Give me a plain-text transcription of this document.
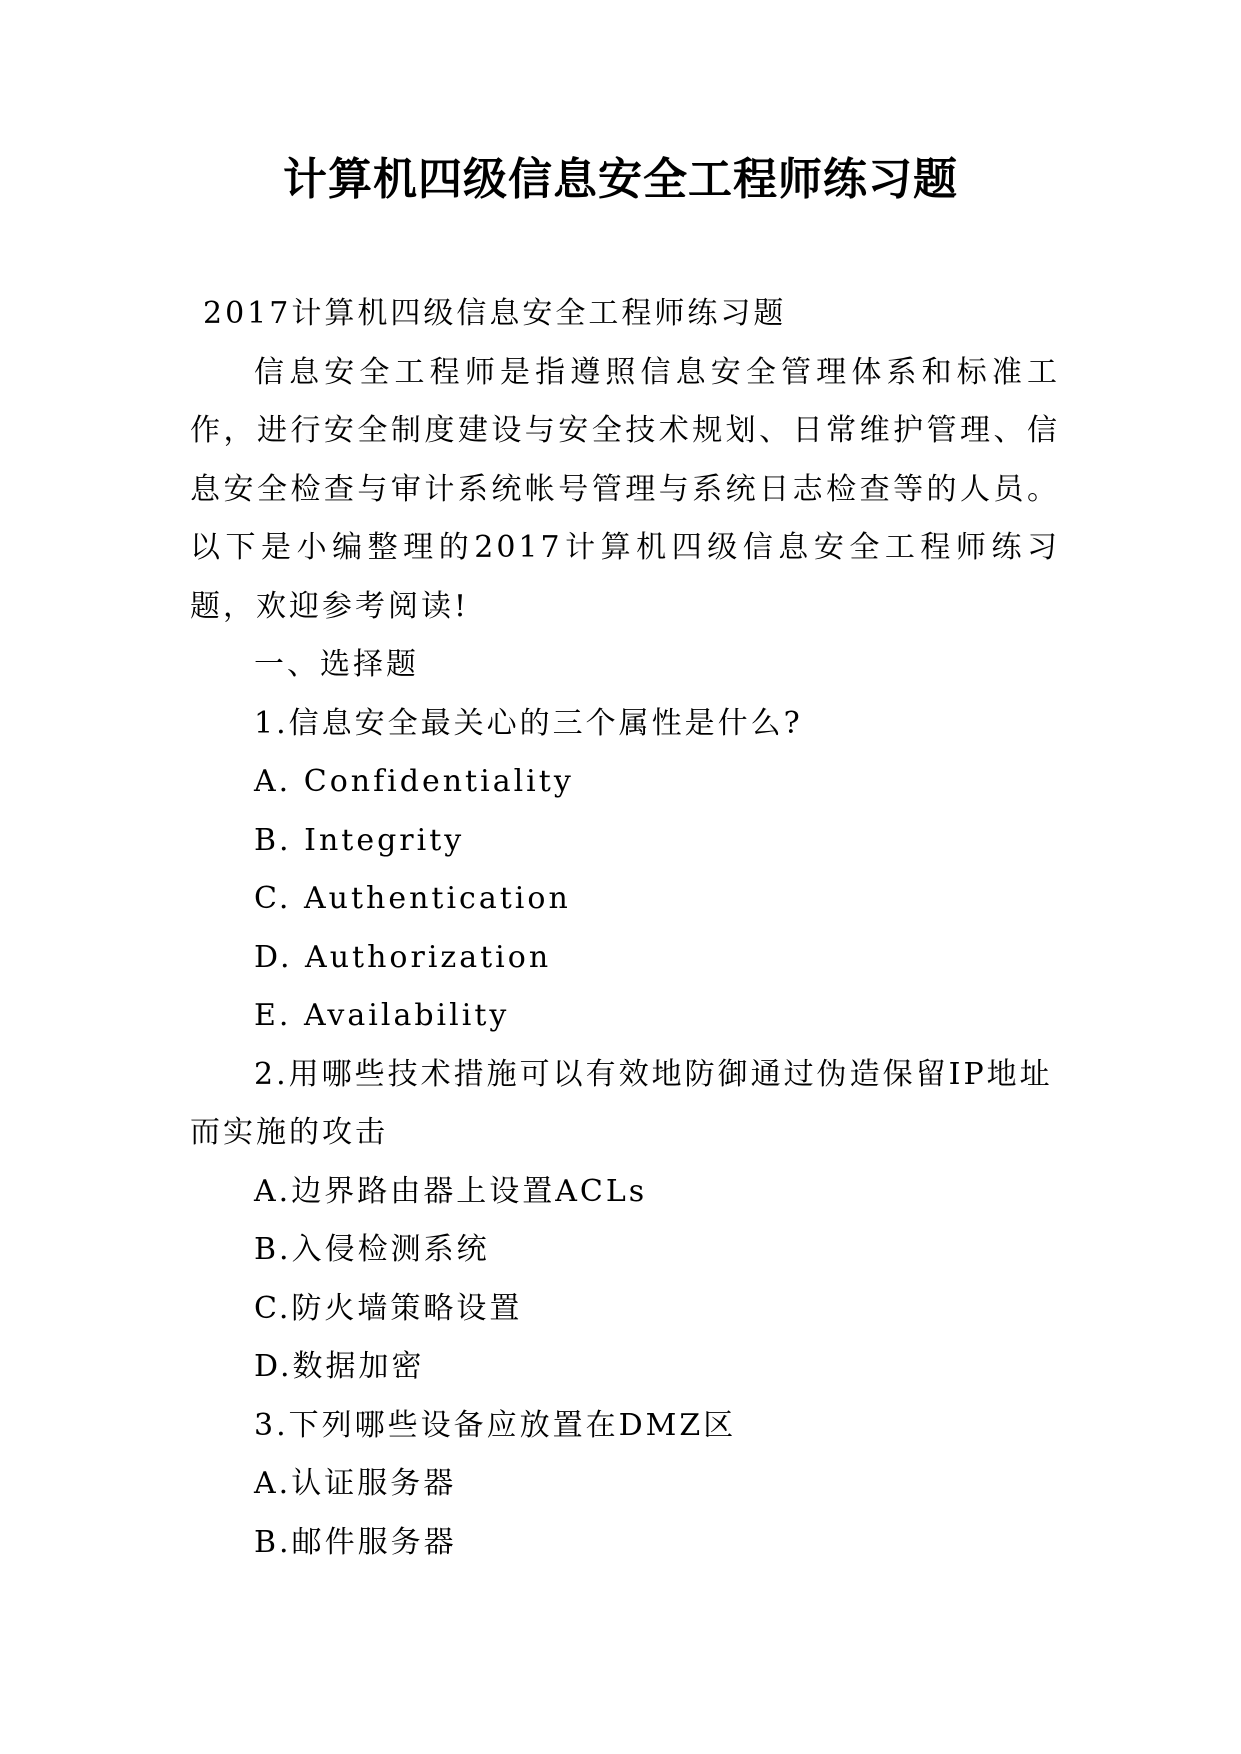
计算机四级信息安全工程师练习题

2017计算机四级信息安全工程师练习题

信息安全工程师是指遵照信息安全管理体系和标准工作，进行安全制度建设与安全技术规划、日常维护管理、信息安全检查与审计系统帐号管理与系统日志检查等的人员。以下是小编整理的2017计算机四级信息安全工程师练习题，欢迎参考阅读!

一、选择题

1.信息安全最关心的三个属性是什么?

A. Confidentiality

B. Integrity

C. Authentication

D. Authorization

E. Availability

2.用哪些技术措施可以有效地防御通过伪造保留IP地址而实施的攻击

A.边界路由器上设置ACLs

B.入侵检测系统

C.防火墙策略设置

D.数据加密

3.下列哪些设备应放置在DMZ区

A.认证服务器

B.邮件服务器
